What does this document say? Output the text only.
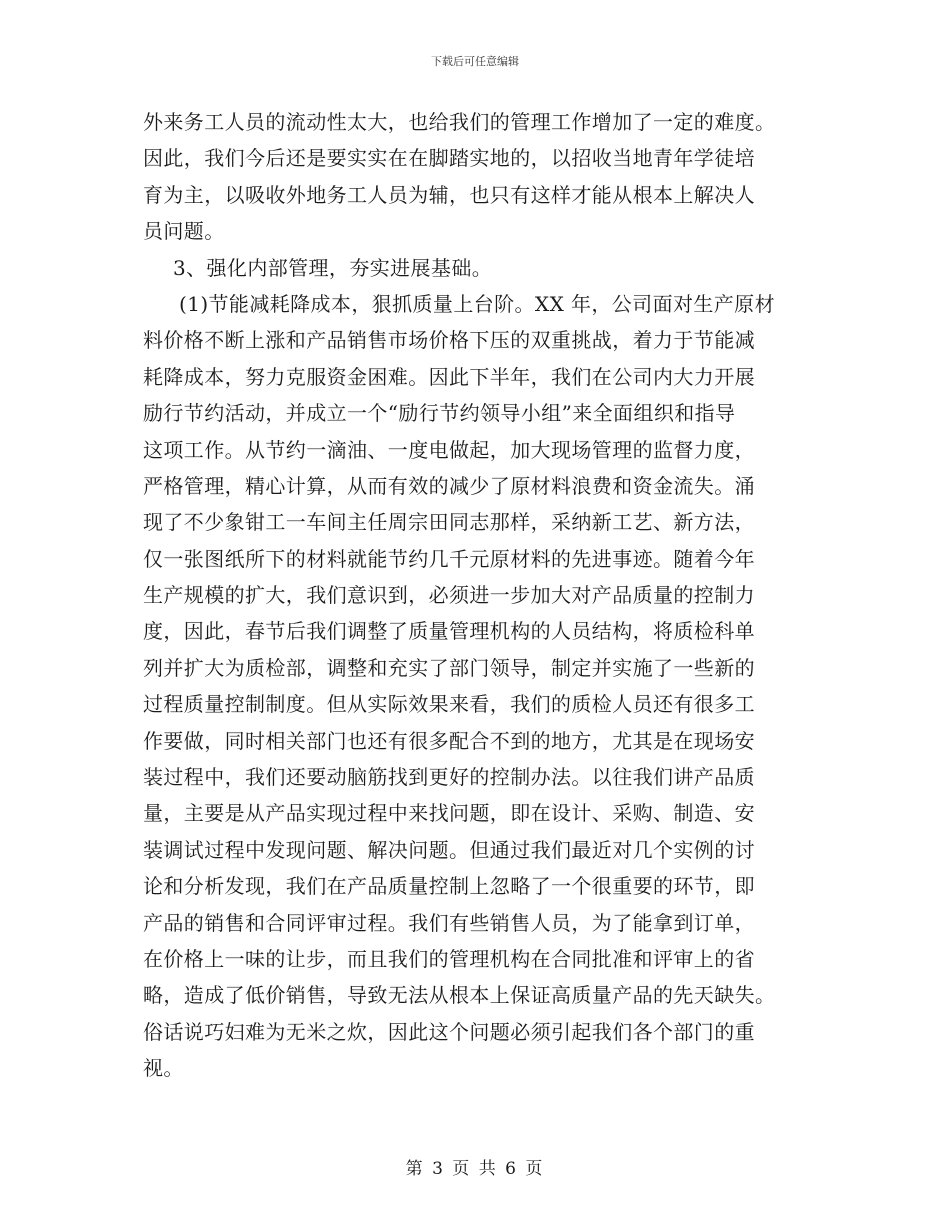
下载后可任意编辑
外来务工人员的流动性太大，也给我们的管理工作增加了一定的难度。
因此，我们今后还是要实实在在脚踏实地的，以招收当地青年学徒培
育为主，以吸收外地务工人员为辅，也只有这样才能从根本上解决人
员问题。
3、强化内部管理，夯实进展基础。
(1)节能减耗降成本，狠抓质量上台阶。XX 年，公司面对生产原材
料价格不断上涨和产品销售市场价格下压的双重挑战，着力于节能减
耗降成本，努力克服资金困难。因此下半年，我们在公司内大力开展
励行节约活动，并成立一个“励行节约领导小组”来全面组织和指导
这项工作。从节约一滴油、一度电做起，加大现场管理的监督力度，
严格管理，精心计算，从而有效的减少了原材料浪费和资金流失。涌
现了不少象钳工一车间主任周宗田同志那样，采纳新工艺、新方法，
仅一张图纸所下的材料就能节约几千元原材料的先进事迹。随着今年
生产规模的扩大，我们意识到，必须进一步加大对产品质量的控制力
度，因此，春节后我们调整了质量管理机构的人员结构，将质检科单
列并扩大为质检部，调整和充实了部门领导，制定并实施了一些新的
过程质量控制制度。但从实际效果来看，我们的质检人员还有很多工
作要做，同时相关部门也还有很多配合不到的地方，尤其是在现场安
装过程中，我们还要动脑筋找到更好的控制办法。以往我们讲产品质
量，主要是从产品实现过程中来找问题，即在设计、采购、制造、安
装调试过程中发现问题、解决问题。但通过我们最近对几个实例的讨
论和分析发现，我们在产品质量控制上忽略了一个很重要的环节，即
产品的销售和合同评审过程。我们有些销售人员，为了能拿到订单，
在价格上一味的让步，而且我们的管理机构在合同批准和评审上的省
略，造成了低价销售，导致无法从根本上保证高质量产品的先天缺失。
俗话说巧妇难为无米之炊，因此这个问题必须引起我们各个部门的重
视。
第 3 页 共 6 页
